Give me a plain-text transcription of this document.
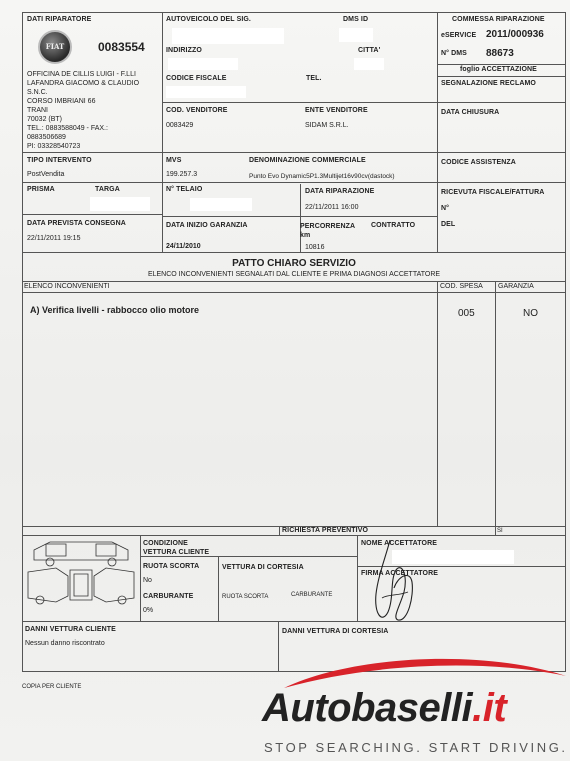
DATI RIPARATORE
FIAT	0083554
OFFICINA DE CILLIS LUIGI - F.LLI
LAFANDRA GIACOMO & CLAUDIO
S.N.C.
CORSO IMBRIANI 66
TRANI
70032 (BT)
TEL.: 0883588049 - FAX.:
0883506689
PI: 03328540723
AUTOVEICOLO DEL SIG.	DMS ID
INDIRIZZO	CITTA'
CODICE FISCALE	TEL.
COMMESSA RIPARAZIONE
eSERVICE 2011/000936
N° DMS 88673
foglio ACCETTAZIONE
SEGNALAZIONE RECLAMO
COD. VENDITORE
0083429
ENTE VENDITORE
SIDAM S.R.L.
DATA CHIUSURA
TIPO INTERVENTO
PostVendita
MVS
199.257.3
DENOMINAZIONE COMMERCIALE
Punto Evo Dynamic5P1.3Multijet16v90cv(dastock)
CODICE ASSISTENZA
PRISMA	TARGA	N° TELAIO	DATA RIPARAZIONE
22/11/2011 16:00
RICEVUTA FISCALE/FATTURA
N°
DEL
DATA PREVISTA CONSEGNA
22/11/2011 19:15
DATA INIZIO GARANZIA
24/11/2010
PERCORRENZA
km
10816
CONTRATTO
PATTO CHIARO SERVIZIO
ELENCO INCONVENIENTI SEGNALATI DAL CLIENTE E PRIMA DIAGNOSI ACCETTATORE
ELENCO INCONVENIENTI	COD. SPESA GARANZIA
A) Verifica livelli - rabbocco olio motore	005	NO
RICHIESTA PREVENTIVO	SI
CONDIZIONE
VETTURA CLIENTE
RUOTA SCORTA
No
CARBURANTE
0%
VETTURA DI CORTESIA
RUOTA SCORTA	CARBURANTE
NOME ACCETTATORE
FIRMA ACCETTATORE
DANNI VETTURA CLIENTE
Nessun danno riscontrato
DANNI VETTURA DI CORTESIA
COPIA PER CLIENTE	Autobaselli.it
STOP SEARCHING. START DRIVING.
